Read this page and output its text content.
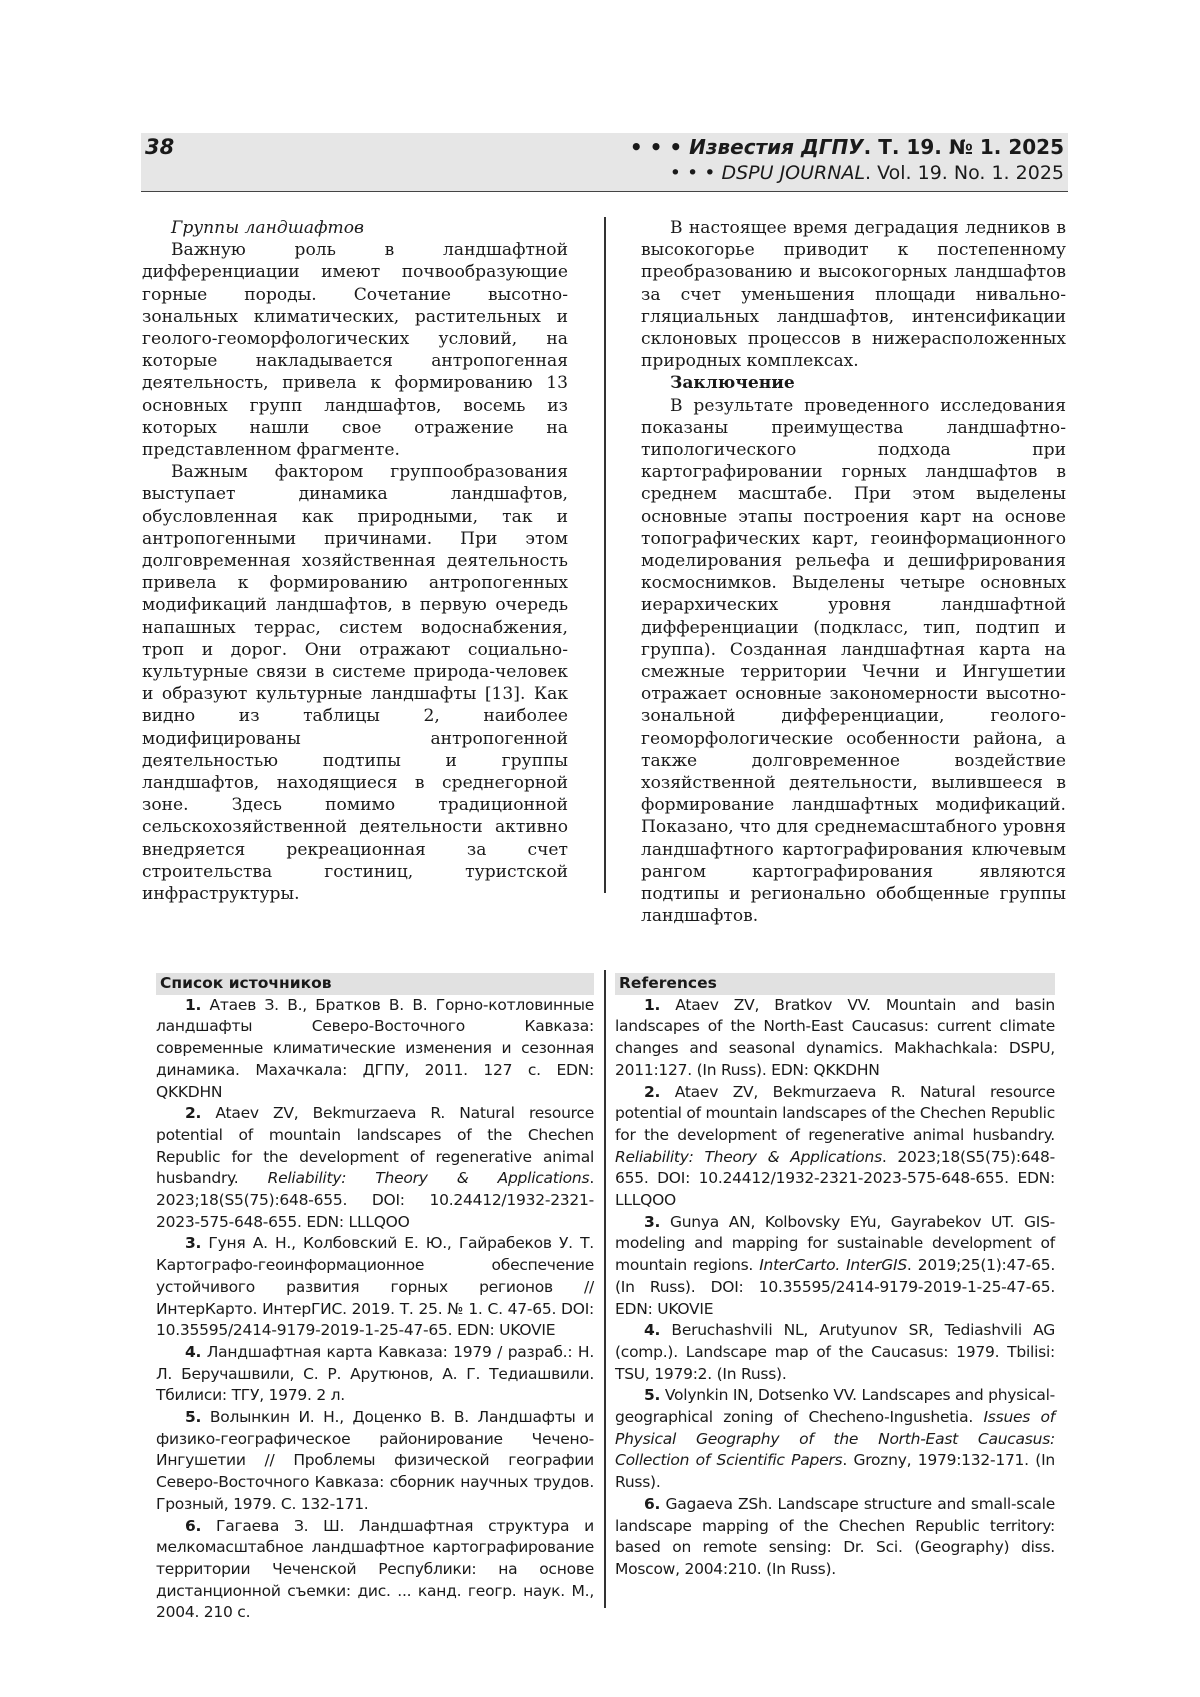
38	• • • Известия ДГПУ. Т. 19. № 1. 2025
• • • DSPU JOURNAL. Vol. 19. No. 1. 2025

Группы ландшафтов

Важную роль в ландшафтной дифференциации имеют почвообразующие горные породы. Сочетание высотно-зональных климатических, растительных и геолого-геоморфологических условий, на которые накладывается антропогенная деятельность, привела к формированию 13 основных групп ландшафтов, восемь из которых нашли свое отражение на представленном фрагменте.

Важным фактором группообразования выступает динамика ландшафтов, обусловленная как природными, так и антропогенными причинами. При этом долговременная хозяйственная деятельность привела к формированию антропогенных модификаций ландшафтов, в первую очередь напашных террас, систем водоснабжения, троп и дорог. Они отражают социально-культурные связи в системе природа-человек и образуют культурные ландшафты [13]. Как видно из таблицы 2, наиболее модифицированы антропогенной деятельностью подтипы и группы ландшафтов, находящиеся в среднегорной зоне. Здесь помимо традиционной сельскохозяйственной деятельности активно внедряется рекреационная за счет строительства гостиниц, туристской инфраструктуры.

В настоящее время деградация ледников в высокогорье приводит к постепенному преобразованию и высокогорных ландшафтов за счет уменьшения площади нивально-гляциальных ландшафтов, интенсификации склоновых процессов в нижерасположенных природных комплексах.

Заключение

В результате проведенного исследования показаны преимущества ландшафтно-типологического подхода при картографировании горных ландшафтов в среднем масштабе. При этом выделены основные этапы построения карт на основе топографических карт, геоинформационного моделирования рельефа и дешифрирования космоснимков. Выделены четыре основных иерархических уровня ландшафтной дифференциации (подкласс, тип, подтип и группа). Созданная ландшафтная карта на смежные территории Чечни и Ингушетии отражает основные закономерности высотно-зональной дифференциации, геолого-геоморфологические особенности района, а также долговременное воздействие хозяйственной деятельности, вылившееся в формирование ландшафтных модификаций. Показано, что для среднемасштабного уровня ландшафтного картографирования ключевым рангом картографирования являются подтипы и регионально обобщенные группы ландшафтов.

Список источников

1. Атаев З. В., Братков В. В. Горно-котловинные ландшафты Северо-Восточного Кавказа: современные климатические изменения и сезонная динамика. Махачкала: ДГПУ, 2011. 127 с. EDN: QKKDHN

2. Ataev ZV, Bekmurzaeva R. Natural resource potential of mountain landscapes of the Chechen Republic for the development of regenerative animal husbandry. Reliability: Theory & Applications. 2023;18(S5(75):648-655. DOI: 10.24412/1932-2321-2023-575-648-655. EDN: LLLQOO

3. Гуня А. Н., Колбовский Е. Ю., Гайрабеков У. Т. Картографо-геоинформационное обеспечение устойчивого развития горных регионов // ИнтерКарто. ИнтерГИС. 2019. Т. 25. № 1. С. 47-65. DOI: 10.35595/2414-9179-2019-1-25-47-65. EDN: UKOVIE

4. Ландшафтная карта Кавказа: 1979 / разраб.: Н. Л. Беручашвили, С. Р. Арутюнов, А. Г. Тедиашвили. Тбилиси: ТГУ, 1979. 2 л.

5. Волынкин И. Н., Доценко В. В. Ландшафты и физико-географическое районирование Чечено-Ингушетии // Проблемы физической географии Северо-Восточного Кавказа: сборник научных трудов. Грозный, 1979. С. 132-171.

6. Гагаева З. Ш. Ландшафтная структура и мелкомасштабное ландшафтное картографирование территории Чеченской Республики: на основе дистанционной съемки: дис. ... канд. геогр. наук. М., 2004. 210 с.

References

1. Ataev ZV, Bratkov VV. Mountain and basin landscapes of the North-East Caucasus: current climate changes and seasonal dynamics. Makhachkala: DSPU, 2011:127. (In Russ). EDN: QKKDHN

2. Ataev ZV, Bekmurzaeva R. Natural resource potential of mountain landscapes of the Chechen Republic for the development of regenerative animal husbandry. Reliability: Theory & Applications. 2023;18(S5(75):648-655. DOI: 10.24412/1932-2321-2023-575-648-655. EDN: LLLQOO

3. Gunya AN, Kolbovsky EYu, Gayrabekov UT. GIS-modeling and mapping for sustainable development of mountain regions. InterCarto. InterGIS. 2019;25(1):47-65. (In Russ). DOI: 10.35595/2414-9179-2019-1-25-47-65. EDN: UKOVIE

4. Beruchashvili NL, Arutyunov SR, Tediashvili AG (comp.). Landscape map of the Caucasus: 1979. Tbilisi: TSU, 1979:2. (In Russ).

5. Volynkin IN, Dotsenko VV. Landscapes and physical-geographical zoning of Checheno-Ingushetia. Issues of Physical Geography of the North-East Caucasus: Collection of Scientific Papers. Grozny, 1979:132-171. (In Russ).

6. Gagaeva ZSh. Landscape structure and small-scale landscape mapping of the Chechen Republic territory: based on remote sensing: Dr. Sci. (Geography) diss. Moscow, 2004:210. (In Russ).
